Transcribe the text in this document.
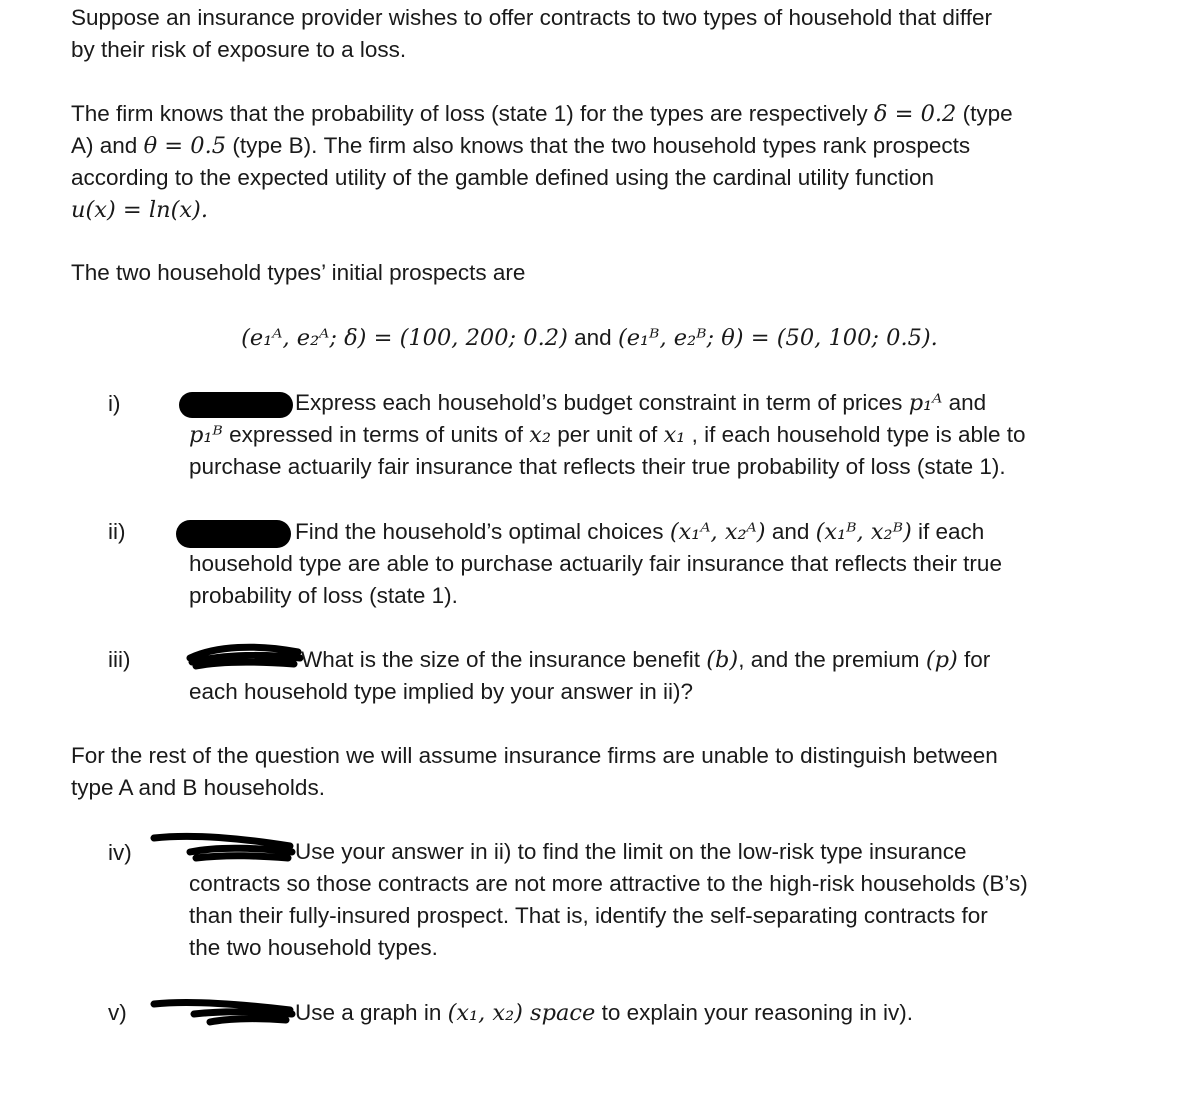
Suppose an insurance provider wishes to offer contracts to two types of household that differ
by their risk of exposure to a loss.
The firm knows that the probability of loss (state 1) for the types are respectively δ = 0.2 (type
A) and θ = 0.5 (type B). The firm also knows that the two household types rank prospects
according to the expected utility of the gamble defined using the cardinal utility function
u(x) = ln(x).
The two household types’ initial prospects are
(e₁ᴬ, e₂ᴬ; δ) = (100, 200; 0.2) and (e₁ᴮ, e₂ᴮ; θ) = (50, 100; 0.5).
i)	Express each household’s budget constraint in term of prices p₁ᴬ and
p₁ᴮ expressed in terms of units of x₂ per unit of x₁ , if each household type is able to
purchase actuarily fair insurance that reflects their true probability of loss (state 1).
ii)	Find the household’s optimal choices (x₁ᴬ, x₂ᴬ) and (x₁ᴮ, x₂ᴮ) if each
household type are able to purchase actuarily fair insurance that reflects their true
probability of loss (state 1).
iii)	What is the size of the insurance benefit (b), and the premium (p) for
each household type implied by your answer in ii)?
For the rest of the question we will assume insurance firms are unable to distinguish between
type A and B households.
iv)	Use your answer in ii) to find the limit on the low-risk type insurance
contracts so those contracts are not more attractive to the high-risk households (B’s)
than their fully-insured prospect. That is, identify the self-separating contracts for
the two household types.
v)	Use a graph in (x₁, x₂) space to explain your reasoning in iv).
